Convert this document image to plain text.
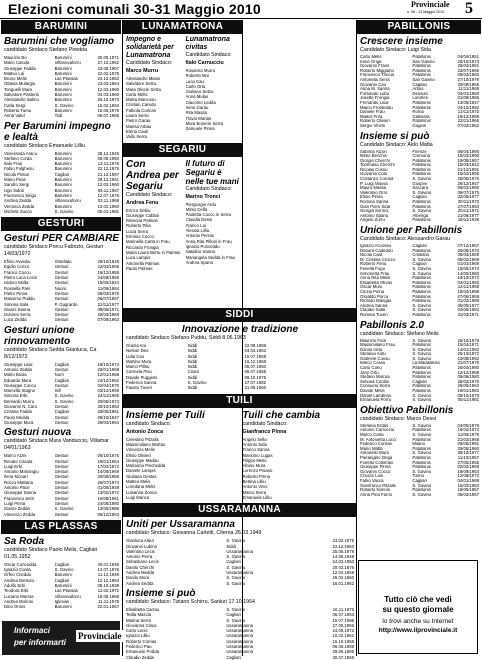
Elezioni comunali 30-31 Maggio 2010	Provinciale
n. 08 - 13 Maggio 2010 5
BARUMINI
Barumini che vogliamo
candidato Sindaco Stefano Piredda
Maurizio Bo	Barumini	30.09.1971
Mario Casula	Villanovaforru	27.10.1962
Giuseppe Fadda	Barumini	23.08.1957
Matteo Lai	Barumini	22.02.1979
Bruno Melis	Las Plassas	24.12.1962
Ottavia Mulargiu	Barumini	23.03.1964
Tonguelli Mura	Barumini	12.02.1960
Salvatore Pasteris	Barumini	04.03.1960
Alessandro Salmu	Barumini	26.10.1973
Carla Sergi	S. Gavino	15.02.1962
Roberto Tumu	Barumini	15.06.1976
Anna Vatel	Tuili	06.07.1956
Per Barumini impegno e lealtà
candidato Sindaco Emanuele Lilliu
Veneranda Aracu	Barumini	28.12.1945
Stefano Corda	Barumini	09.09.1950
Italo Frau	Barumini	13.11.1976
Fabio Fulghesu	Barumini	22.12.1978
Nicola Pintus	Cagliari	21.12.1987
Mario Piras	Barumini	29.12.1961
Sandro Sergi	Barumini	12.03.1960
Ugo Sidoti	Barumini	09.11.1967
Francesco Sirigu	Barumini	12.07.1976
Andrea Zedda	Villanovaforru	03.11.1968
Veronica Zedda	Barumini	10.02.1960
Michele Zucca	S. Gavino	05.04.1981
GESTURI
Gesturi PER CAMBIARE
candidato Sindaco Porcu Fabrizio, Gesturi 14/03/1972
Efisio Avveda	Ostellato	28/10/1949
Egidio Cocco	Gesturi	22/04/1968
Franco Cocco	Gesturi	19/12/1959
Pietro Luca Lecis	Gesturi	24/09/1965
Isidoro Molla	Gesturi	15/05/1944
Rossella Pani	Nuoro	11/09/1984
Pietro Pinna	Gesturi	06/03/1976
Massimo Puddu	Gesturi	06/07/1967
Simona Sala	P. Gugrardo	22/11/1977
Gianni Sanna	Gesturi	08/06/1971
Dolores Serra	Gesturi	26/03/1969
Luca Zedda	Gesturi	07/09/1963
Gesturi unione rinnovamento
candidato Sindaco Sedda Gianluca, Ca 8/12/1972
Giuseppe Lisai	Cagliari	19/10/1973
Antonio Zedda	Gesturi	20/01/1968
Mario Busia	Nurri	12/01/1958
Edoardo Mura	Cagliari	24/12/1962
Giuseppe Concu	Gesturi	02/04/1970
Marcella Stagno	Isili	03/12/1959
Simona Erbi	S. Gavino	24/11/1965
Bernardo Murru	S. Gavino	20/06/1974
Giovanni N. Caru	Gesturi	30/10/1983
Cristina Fadda	Cagliari	25/05/1961
Paolo Medda	Gesturi	08/10/1947
Giuseppe Mura	Gesturi	29/04/1964
Gesturi nuova
candidato Sindaco Mura Vanduccio, Villamar 04/01/1963
Marco Atzei	Gesturi	06/10/1975
Renato Casula	Gesturi	19/01/1954
Luigi Erbi	Gesturi	17/02/1972
Antonio Mariangiu	Gesturi	14/09/1969
Ilena Monari	Gesturi	20/09/1959
Rocco Mattana	Gesturi	26/07/1974
Antonio Pace	Gesturi	01/06/1949
Giuseppe Sanna	Gesturi	13/02/1972
Francesco Serri	Gesturi	16/08/1961
Luigi Pinna	Gesturi	24/06/1980
Gianni Zedda	S. Gavino	13/05/1986
Vincenzo Zedda	Gesturi	06/12/1963
LAS PLASSAS
Sa Roda
candidato Sindaco Paolo Melis, Cagliari 01.05.1952
Oscar Concedda	Cagliari	30.01.1946
Ignazio Corda	S. Gavino	12.07.1976
Orfeo Crieddu	Barumini	11.12.1946
Andrea Demuro	Cagliari	12.12.1964
Adolfo Erbi	Barumini	08.10.1939
Teodora Erbi	Las Plassas	11.02.1972
Luciano Marras	Villanovaforru	18.09.1968
Andrea Mulroni	Iglesias	11.11.1979
Dino Onnis	Barumini	22.01.1967
Informaci
per informarti
Provinciale
LUNAMATRONA
Impegno e solidarietà per Lunamatrona
Candidato Sindaco:
Marco Murru
Alessandro Manis
Salvatore Setzu
Mara Olecle Setzu
Carla Melis
Marta Mancosu
Cristian Caredu
Fabiola Concas
Laura Serra
Pietro Garau
Marisa Arbau
Elena Cauli
Vallo Serra
Lunamatrona civitas
Candidato Sindaco:
Italo Carnucciu
Rosanna Murru
Roberta Moi
Luca Cau
Carlo Ortu
Giuliano Setzu
Anna Mulas
Giacomo Ledda
Irene Garau
Rita Massa
Flavio Murtas
Mura Bonerie Serra
Samuele Pinna
SEGARIU
Con Andrea per Segariu
Candidato Sindaco:
Andrea Fenu
Enrico Sebiu
Giuseppe Cabboi
Ramona Palmas
Roberto Pilia
Lucia Serra
Erminio Cocco
Marinella Carta in Frau
Riccardo Frongia
Maria Laura Bertu in Palmas
Luca Lampis
Antonella Palmas
Paolo Palmas
Il futuro di Segariu è nelle tue mani
Candidato Sindaco:
Marino Tronci
Piergiorgio Ardu
Mirko Cella
Paoletta Cocco in Serra
Claudia Dessi
Franco Lai
Alessia Lilliu
Antonio Perras
Anna Rita Pilloni in Frau
Ignazio Pusceddu
Natalino Sanna
Mariangela Sedda in Frau
Andrea Spano
SIDDI
Innovazione e tradizione
candidato Sindaco Stefano Puddu, Siddi 8.06.1963
Grazia Aru	Siddi	22.08.1989
Nelson Deo	Siddi	04.04.1962
Lidia Cao	Siddi	16.07.1959
Martino Mura	Siddi	16.12.1958
Marco Pillitu	Siddi	05.07.1950
Carmela Pisu	Cirani	06.07.1955
Davide Puggioni	Siddi	09.10.1975
Federica Sanna	S. Gavino	27.07.1982
Fausto Tuveri	Siddi	21.09.1960
TUILI
Insieme per Tuili
candidato Sindaco:
Antonio Zonca
Celestino Pitzalis
Massimiliano Murtas
Vincenzo Melis
Efisio Olivieri
Giuseppe Madau
Marianna Pischedda
Daniele Lampis
Giuliana Gestas
Matteo Melis
Loredana Melis
Luisanna Zonca
Luigi Manca
Tuili che cambia
candidato Sindaco:
Gianfranco Pinna
Angelo Sella
Antonio Sida
Franco Sanna
Massimo Lugas
Filippo Melis
Albino Mura
Lorenzo Pisano
Roberto Pinna
Bettina Lilliu
Antonio Vinci
Marco Serra
Emanuele Lilliu
USSARAMANNA
Uniti per Ussaramanna
candidato Sindaco: Giovanna Carletti, Citerna 26.03.1949
Gianluca Altea	S. Gavino	23.02.1975
Giovanni Lubino	Siddi	22.12.1963
Valentino Lecis	Ussaramanna	25.05.1978
Antonio Perra	S. Gavino	14.05.1948
Sebastiano Lecis	Cagliari	24.03.1950
Danilo Cherchi	S. Gavino	20.03.1976
Andrea Medda	Ussaramanna	12.04.1968
Danilo Mura	S. Gavino	26.02.1960
Andrea Sedda	S. Gavino	16.01.1962
Insieme si può
candidato Sindaco: Tiziano Schirru, Sanluri 17.10.1964
Elisabetta Carrau	S. Gavino	16.11.1976
Tedla Mascia	Cagliari	06.07.1963
Marina Serra	S. Gavino	15.07.1986
Giovanna Cinus	Ussaramanna	27.05.1956
Carlo Lecis	Ussaramanna	24.08.1972
Ignazio Lilliu	Ussaramanna	10.02.1961
Roberto Corrias	Ussaramanna	15.10.1965
Federico Pau	Ussaramanna	06.06.1969
Emanuele Podda	Ussaramanna	29.06.1985
Claudio Zedda	Cagliari	30.07.1968
PABILLONIS
Crescere insieme
Candidato Sindaco: Luigi Sida
Carlo Melis	Pabillonis	04/04/1951
Irene Origa	San Gavino	20/10/1973
Giovanni Frans	Pabillonis	26/04/1961
Roberto Miggiano	Pabillonis	23/07/1966
Francesco Trincia	Pabillonis	05/04/1960
Antonella Serra	San Gavino	27/10/1979
Giovanni Cau	Cagliari	30/09/1965
Anna M. Sanna	Arbus	11/11/1969
Fortunato Lubu	Dessulo	03/01/1960
Juliette Frongia	Londres	01/09/1966
Fernando Lisai	Pabillonis	13/06/1947
Marco Fronteddu	Pabillonis	04/12/1982
Daniele Frau	Roma	12/11/1972
Maikol Frira	Gallinara	19/12/1989
Roberto Olivieri	Pabillonis	23/11/1966
Sergio Vinchi	Gugeiri	07/02/1952
Insieme si può
Candidato Sindaco: Aldo Matta
Sabrina Atzori	Firenze	06/04/1990
Mirko Becchis	Cremona	10/03/1990
Giorgio Cherchi	Pabillonis	19/08/1957
Tommaso Cherchi	Pabillonis	15/03/1942
Nicolas Cossu	Pabillonis	21/12/1991
Giovanni Cotu	Pabillonis	15/04/1955
Costanzo Corona	S. Gavino	25/05/1976
P. Luigi Massa	Guspini	26/12/1957
Mauro Mastia	Saccara	06/02/1960
Valentino Orro	S. Gavino	06/07/1975
Efisio Pinna	Cagliari	02/05/1977
Romina Sanna	Pabillonis	30/11/1970
Gian Piero Sida	Pabillonis	27/07/1953
Giorgia Sonnoi	S. Gavino	20/11/1971
Antonio Spanu	Albenga	21/06/1977
Angelo Zurru	Pabillonis	18/11/1939
Unione per Pabillonis
Candidato Sindaco: Alessandro Garau
Ignazio Accossu	Cagliari	07/12/1967
Debora Cadeddu	Pabillonis	20/06/1970
Nicola Cara	Cristiano	06/04/1969
M. Cristina Crucco	S. Gavino	05/02/1969
Roberto Fenu	Cagliari	01/01/1969
Fenella Fogu	S. Gavino	15/06/1974
Simonetta Frau	S. Gavino	14/05/1960
Anna Rita Melis	Pabillonis	19/10/1972
Elisabetta Olivas	Pabillonis	04/01/1960
Oscar Muru	Pabillonis	12/11/1958
Cinzia Pinna	Pabillonis	18/04/1958
Osvaldo Porcu	Pabillonis	27/06/1959
Ricardo Mangas	Pabillonis	01/02/1989
Andrea Sanna	S. Gavino	05/09/1977
Claudio Siddi	S. Gavino	04/06/1982
Romina Tuveri	Pabillonis	31/03/1971
Pabillonis 2.0
candidato Sindaco: Stefano Melis
Maurizio Fodi	S. Gavino	26/10/1979
Massimiliano Frau	Pabillonis	15/04/1971
Danilo Ardu	S. Gavino	14/01/1982
Stefania Ardu	S. Gavino	25/10/1972
Gabriele Cossu	S. Gavino	10/08/1992
Marco Cossu	La Maddalena	31/07/1979
Carlo Coho	Pabillonis	20/04/1980
Jany Ortu	Pabillonis	12/12/1988
Stefano Murrua	Pabillonis	05/06/1980
Simona Contini	Cagliari	25/02/1975
Consuelo Serra	Pabillonis	26/05/1963
Davide Melis	Pabillonis	19/01/1982
Daniel Lambroni	S. Gavino	05/10/1979
Emanuela Porru	S. Gavino	05/11/1981
Obiettivo Pabillonis
candidato Sindaco: Marco Dessì
Stefania Erdas	S. Gavino	04/05/1978
Antonio Carrucciu	Pabillonis	16/04/1972
Marco Carta	S. Gavino	11/06/1979
M. Antonietta Locci	Pabillonis	21/02/1968
Federico Corrias	Milano	09/06/1981
Mario Matta	Pabillonis	29/05/1960
Antonello Mura	S. Gavino	30/10/1977
Pierangelo Origa	Pabillonis	11/10/1957
Fiorello Collombo	Pabillonis	27/05/1955
Giuseppe Pinna	Pabillonis	02/02/1969
Giovanni Cocco	S. Gavino	19/09/1954
Chiozzi Lusi	Torino	12/08/1972
Fabio Vacca	Cagliari	04/01/1988
Gianfranco Pitzalis	S. Gavino	16/02/1983
Roberto Nonnis	Pabillonis	18/05/1957
Anna Pina Farris	S. Gavino	06/03/1957
Tutto ciò che vedi
su questo giornale
lo trovi anche su Internet
http://www.ilprovinciale.it
